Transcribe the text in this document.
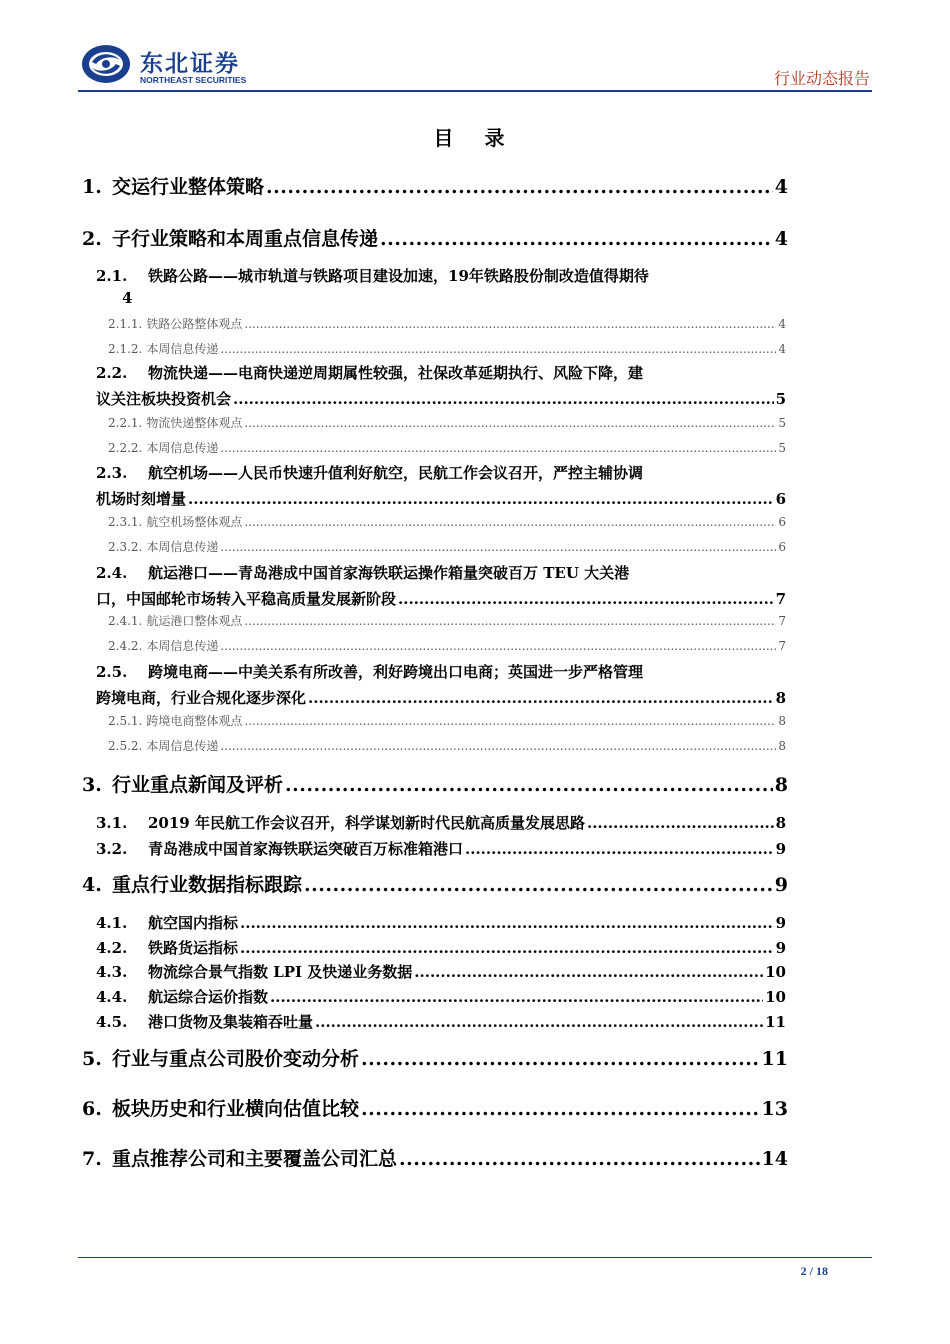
东北证券
NORTHEAST SECURITIES	行业动态报告
目 录
1. 交运行业整体策略 .....	4
2. 子行业策略和本周重点信息传递 .....	4
2.1.	铁路公路——城市轨道与铁路项目建设加速，19年铁路股份制改造值得期待
4
2.1.1. 铁路公路整体观点 .....	4
2.1.2. 本周信息传递 .....	4
2.2.	物流快递——电商快递逆周期属性较强，社保改革延期执行、风险下降，建
议关注板块投资机会 .....	5
2.2.1. 物流快递整体观点 .....	5
2.2.2. 本周信息传递 .....	5
2.3.	航空机场——人民币快速升值利好航空，民航工作会议召开，严控主辅协调
机场时刻增量 .....	6
2.3.1. 航空机场整体观点 .....	6
2.3.2. 本周信息传递 .....	6
2.4.	航运港口——青岛港成中国首家海铁联运操作箱量突破百万 TEU 大关港
口，中国邮轮市场转入平稳高质量发展新阶段 .....	7
2.4.1. 航运港口整体观点 .....	7
2.4.2. 本周信息传递 .....	7
2.5.	跨境电商——中美关系有所改善，利好跨境出口电商；英国进一步严格管理
跨境电商，行业合规化逐步深化 .....	8
2.5.1. 跨境电商整体观点 .....	8
2.5.2. 本周信息传递 .....	8
3. 行业重点新闻及评析 .....	8
3.1.	2019 年民航工作会议召开，科学谋划新时代民航高质量发展思路 .....	8
3.2.	青岛港成中国首家海铁联运突破百万标准箱港口 .....	9
4. 重点行业数据指标跟踪 .....	9
4.1.	航空国内指标 .....	9
4.2.	铁路货运指标 .....	9
4.3.	物流综合景气指数 LPI 及快递业务数据 .....	10
4.4.	航运综合运价指数 .....	10
4.5.	港口货物及集装箱吞吐量 .....	11
5. 行业与重点公司股价变动分析 .....	11
6. 板块历史和行业横向估值比较 .....	13
7. 重点推荐公司和主要覆盖公司汇总 .....	14
2 / 18
